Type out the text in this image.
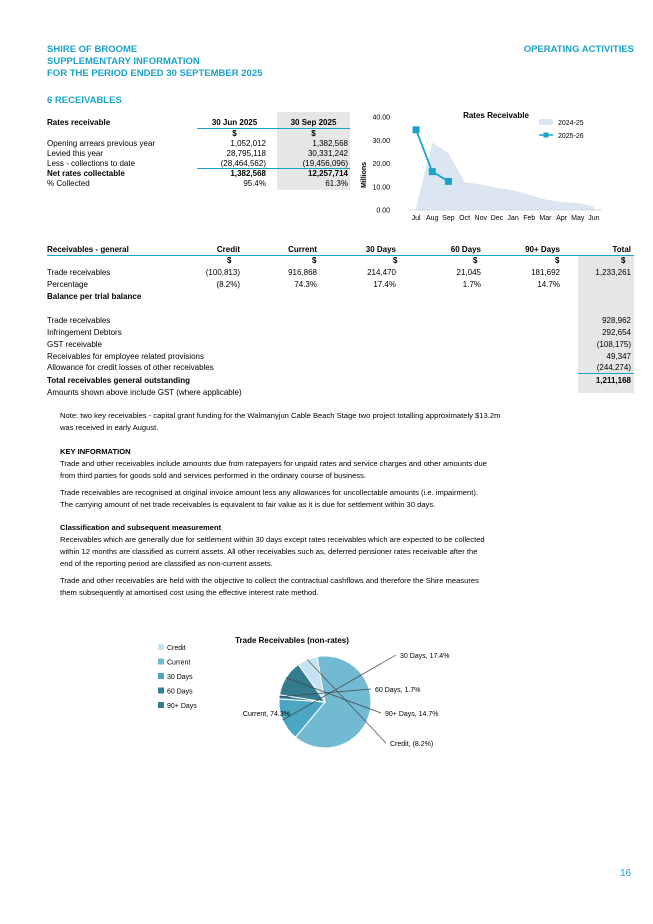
SHIRE OF BROOME
SUPPLEMENTARY INFORMATION
FOR THE PERIOD ENDED 30 SEPTEMBER 2025
OPERATING ACTIVITIES
6 RECEIVABLES
Rates receivable	30 Jun 2025	30 Sep 2025
$	$
Opening arrears previous year	1,052,012	1,382,568
Levied this year	28,795,118	30,331,242
Less - collections to date	(28,464,562)	(19,456,096)
Net rates collectable	1,382,568	12,257,714
% Collected	95.4%	61.3%
Rates Receivable
Millions
0.00
10.00
20.00
30.00
40.00
Jul Aug Sep Oct Nov Dec Jan Feb Mar Apr May Jun
2024-25
2025-26
Receivables - general	Credit	Current	30 Days	60 Days	90+ Days	Total
$	$	$	$	$	$
Trade receivables	(100,813)	916,868	214,470	21,045	181,692	1,233,261
Percentage	(8.2%)	74.3%	17.4%	1.7%	14.7%
Balance per trial balance
Trade receivables	928,962
Infringement Debtors	292,654
GST receivable	(108,175)
Receivables for employee related provisions	49,347
Allowance for credit losses of other receivables	(244,274)
Total receivables general outstanding	1,211,168
Amounts shown above include GST (where applicable)
Note: two key receivables - capital grant funding for the Walmanyjun Cable Beach Stage two project totalling approximately $13.2m
was received in early August.
KEY INFORMATION
Trade and other receivables include amounts due from ratepayers for unpaid rates and service charges and other amounts due
from third parties for goods sold and services performed in the ordinary course of business.
Trade receivables are recognised at original invoice amount less any allowances for uncollectable amounts (i.e. impairment).
The carrying amount of net trade receivables is equivalent to fair value as it is due for settlement within 30 days.
Classification and subsequent measurement
Receivables which are generally due for settlement within 30 days except rates receivables which are expected to be collected
within 12 months are classified as current assets. All other receivables such as, deferred pensioner rates receivable after the
end of the reporting period are classified as non-current assets.
Trade and other receivables are held with the objective to collect the contractual cashflows and therefore the Shire measures
them subsequently at amortised cost using the effective interest rate method.
Trade Receivables (non-rates)
Credit
Current
30 Days
60 Days
90+ Days
30 Days, 17.4%
60 Days, 1.7%
90+ Days, 14.7%
Credit, (8.2%)
Current, 74.3%
16
